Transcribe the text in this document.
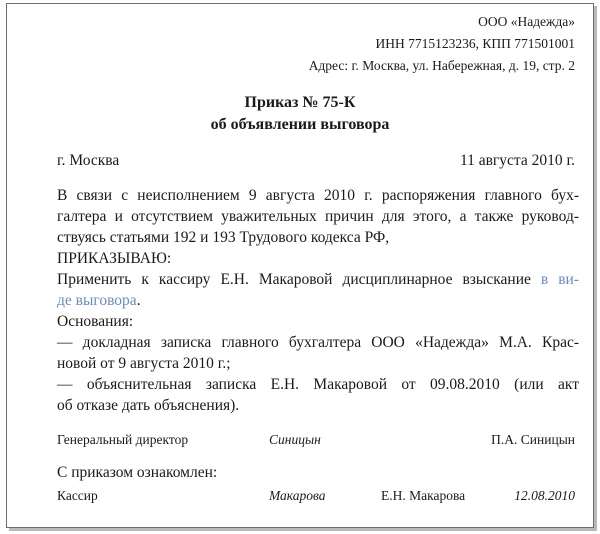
ООО «Надежда»
ИНН 7715123236, КПП 771501001
Адрес: г. Москва, ул. Набережная, д. 19, стр. 2
Приказ № 75-К
об объявлении выговора
г. Москва	11 августа 2010 г.
В связи с неисполнением 9 августа 2010 г. распоряжения главного бух-
галтера и отсутствием уважительных причин для этого, а также руковод-
ствуясь статьями 192 и 193 Трудового кодекса РФ,
ПРИКАЗЫВАЮ:
Применить к кассиру Е.Н. Макаровой дисциплинарное взыскание в ви-
де выговора.
Основания:
— докладная записка главного бухгалтера ООО «Надежда» М.А. Крас-
новой от 9 августа 2010 г.;
— объяснительная записка Е.Н. Макаровой от 09.08.2010 (или акт
об отказе дать объяснения).
Генеральный директор	Синицын	П.А. Синицын
С приказом ознакомлен:
Кассир	Макарова	Е.Н. Макарова	12.08.2010
